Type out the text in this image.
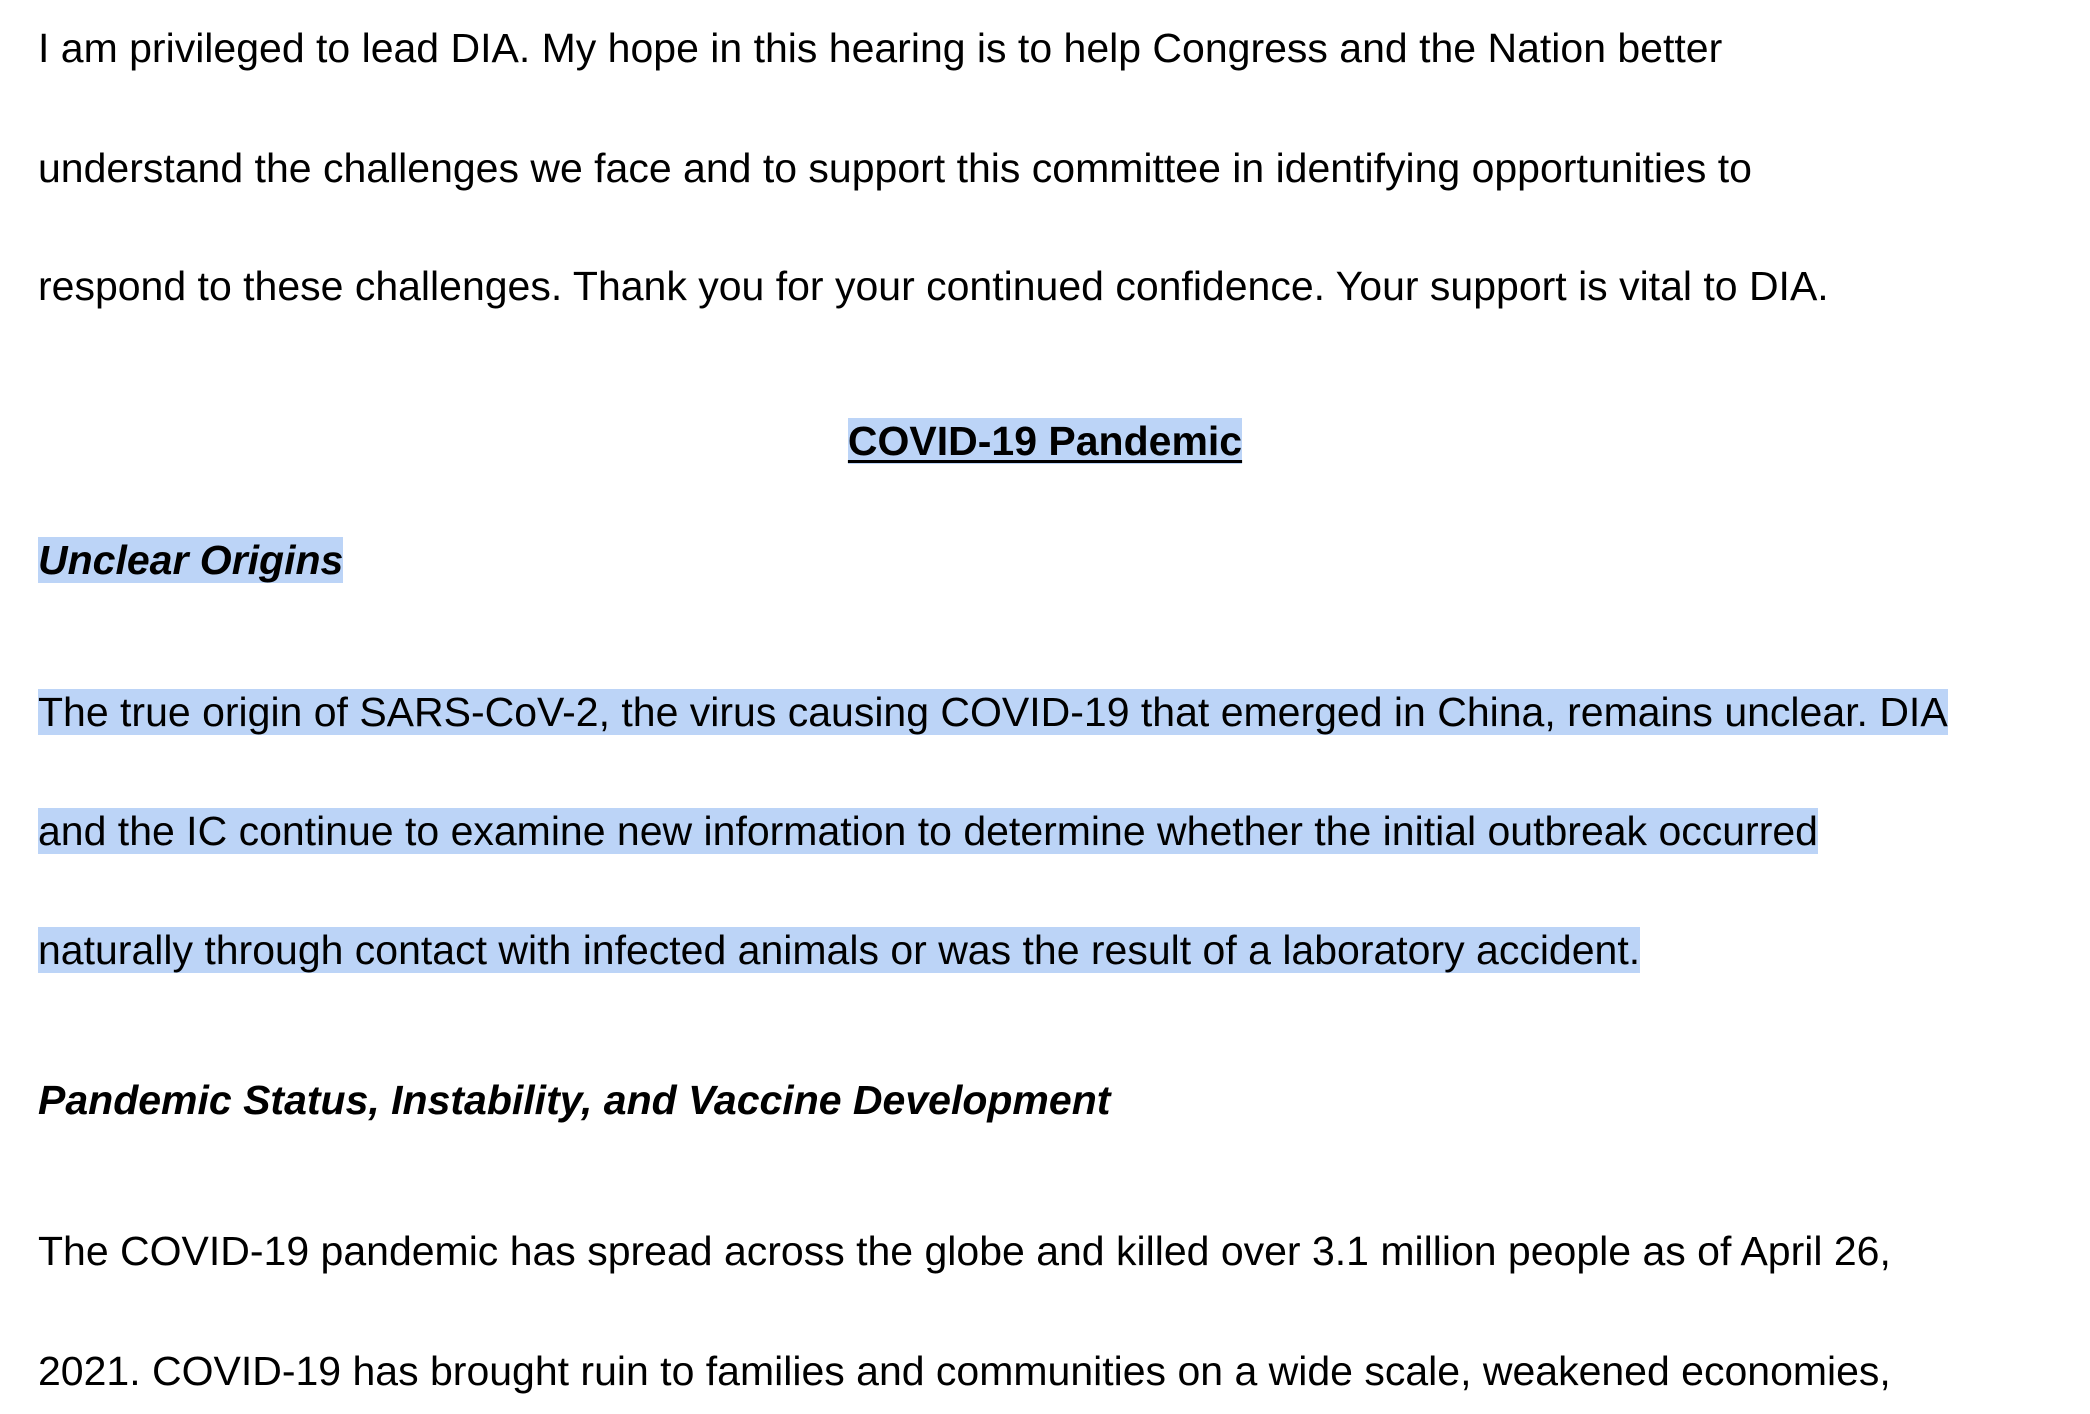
I am privileged to lead DIA. My hope in this hearing is to help Congress and the Nation better
understand the challenges we face and to support this committee in identifying opportunities to
respond to these challenges. Thank you for your continued confidence. Your support is vital to DIA.
COVID-19 Pandemic
Unclear Origins
The true origin of SARS-CoV-2, the virus causing COVID-19 that emerged in China, remains unclear. DIA
and the IC continue to examine new information to determine whether the initial outbreak occurred
naturally through contact with infected animals or was the result of a laboratory accident.
Pandemic Status, Instability, and Vaccine Development
The COVID-19 pandemic has spread across the globe and killed over 3.1 million people as of April 26,
2021. COVID-19 has brought ruin to families and communities on a wide scale, weakened economies,
